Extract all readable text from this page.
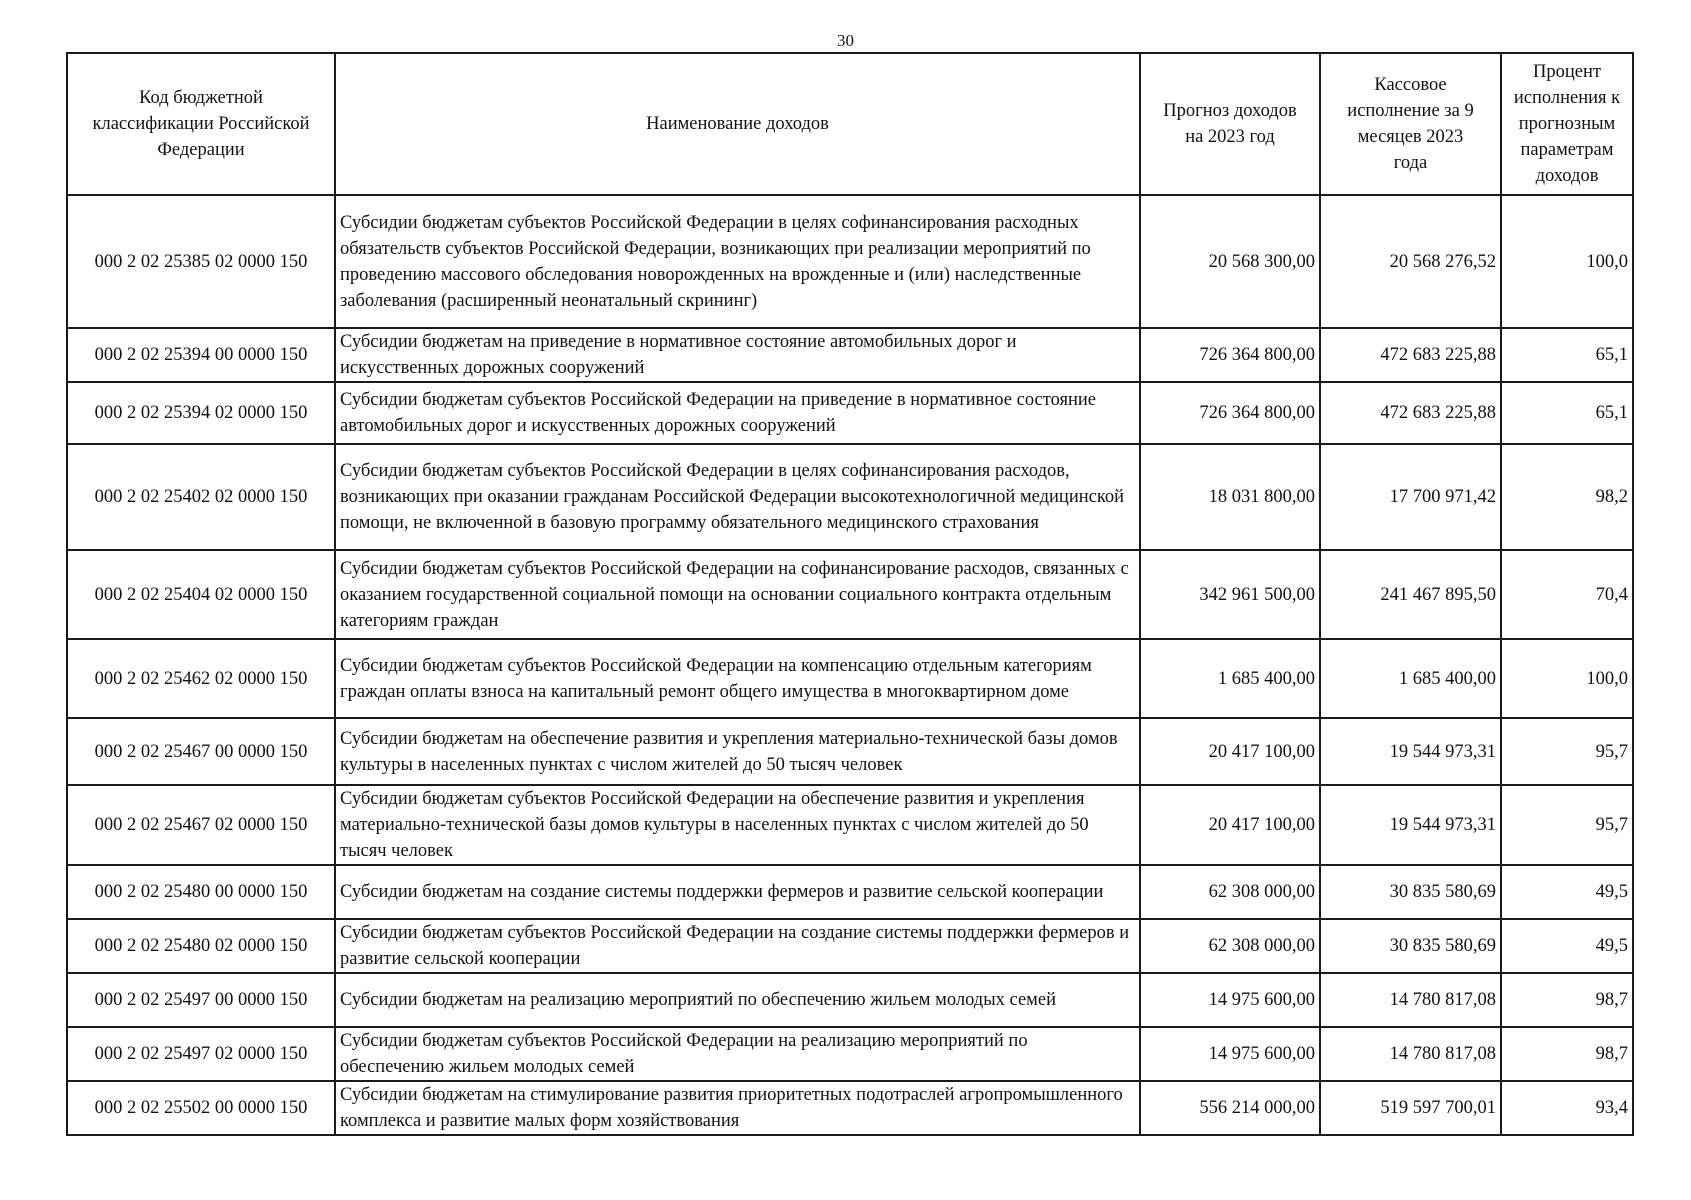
30
Код бюджетной классификации Российской Федерации	Наименование доходов	Прогноз доходов на 2023 год	Кассовое исполнение за 9 месяцев 2023 года	Процент исполнения к прогнозным параметрам доходов
000 2 02 25385 02 0000 150	Субсидии бюджетам субъектов Российской Федерации в целях софинансирования расходных обязательств субъектов Российской Федерации, возникающих при реализации мероприятий по проведению массового обследования новорожденных на врожденные и (или) наследственные заболевания (расширенный неонатальный скрининг)	20 568 300,00	20 568 276,52	100,0
000 2 02 25394 00 0000 150	Субсидии бюджетам на приведение в нормативное состояние автомобильных дорог и искусственных дорожных сооружений	726 364 800,00	472 683 225,88	65,1
000 2 02 25394 02 0000 150	Субсидии бюджетам субъектов Российской Федерации на приведение в нормативное состояние автомобильных дорог и искусственных дорожных сооружений	726 364 800,00	472 683 225,88	65,1
000 2 02 25402 02 0000 150	Субсидии бюджетам субъектов Российской Федерации в целях софинансирования расходов, возникающих при оказании гражданам Российской Федерации высокотехнологичной медицинской помощи, не включенной в базовую программу обязательного медицинского страхования	18 031 800,00	17 700 971,42	98,2
000 2 02 25404 02 0000 150	Субсидии бюджетам субъектов Российской Федерации на софинансирование расходов, связанных с оказанием государственной социальной помощи на основании социального контракта отдельным категориям граждан	342 961 500,00	241 467 895,50	70,4
000 2 02 25462 02 0000 150	Субсидии бюджетам субъектов Российской Федерации на компенсацию отдельным категориям граждан оплаты взноса на капитальный ремонт общего имущества в многоквартирном доме	1 685 400,00	1 685 400,00	100,0
000 2 02 25467 00 0000 150	Субсидии бюджетам на обеспечение развития и укрепления материально-технической базы домов культуры в населенных пунктах с числом жителей до 50 тысяч человек	20 417 100,00	19 544 973,31	95,7
000 2 02 25467 02 0000 150	Субсидии бюджетам субъектов Российской Федерации на обеспечение развития и укрепления материально-технической базы домов культуры в населенных пунктах с числом жителей до 50 тысяч человек	20 417 100,00	19 544 973,31	95,7
000 2 02 25480 00 0000 150	Субсидии бюджетам на создание системы поддержки фермеров и развитие сельской кооперации	62 308 000,00	30 835 580,69	49,5
000 2 02 25480 02 0000 150	Субсидии бюджетам субъектов Российской Федерации на создание системы поддержки фермеров и развитие сельской кооперации	62 308 000,00	30 835 580,69	49,5
000 2 02 25497 00 0000 150	Субсидии бюджетам на реализацию мероприятий по обеспечению жильем молодых семей	14 975 600,00	14 780 817,08	98,7
000 2 02 25497 02 0000 150	Субсидии бюджетам субъектов Российской Федерации на реализацию мероприятий по обеспечению жильем молодых семей	14 975 600,00	14 780 817,08	98,7
000 2 02 25502 00 0000 150	Субсидии бюджетам на стимулирование развития приоритетных подотраслей агропромышленного комплекса и развитие малых форм хозяйствования	556 214 000,00	519 597 700,01	93,4
